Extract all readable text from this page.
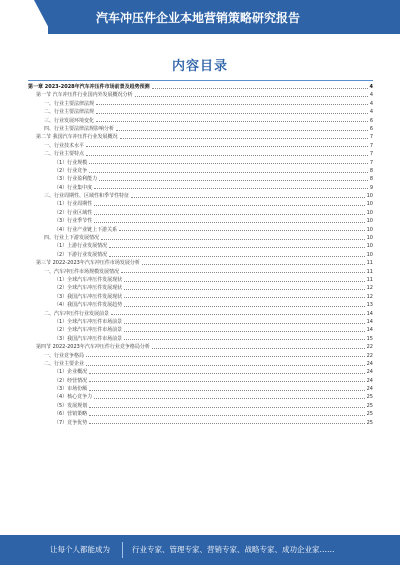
汽车冲压件企业本地营销策略研究报告
内容目录
第一章 2023-2028年汽车冲压件市场前景及趋势预测	4
第一节 汽车冲压件行业国内外发展概况分析	4
一、行业主要法律法规	4
二、行业主要法律法规	4
三、行业发展环境变化	6
四、行业主要法律法规影响分析	6
第二节 我国汽车冲压件行业发展概况	7
一、行业技术水平	7
二、行业主要特点	7
（1）行业规模	7
（2）行业竞争	8
（3）行业盈利能力	8
（4）行业集中度	9
三、行业周期性、区域性和季节性特征	10
（1）行业周期性	10
（2）行业区域性	10
（3）行业季节性	10
（4）行业产业链上下游关系	10
四、行业上下游发展情况	10
（1）上游行业发展情况	10
（2）下游行业发展情况	10
第三节 2022-2023年汽车冲压件市场发展分析	11
一、汽车冲压件市场规模发展情况	11
（1）全球汽车冲压件发展现状	11
（2）全球汽车冲压件发展现状	12
（3）我国汽车冲压件发展现状	12
（4）我国汽车冲压件发展趋势	13
二、汽车冲压件行业发展前景	14
（1）全球汽车冲压件市场前景	14
（2）全球汽车冲压件市场前景	14
（3）我国汽车冲压件市场前景	15
第四节 2022-2023年汽车冲压件行业竞争格局分析	22
一、行业竞争格局	22
二、行业主要企业	24
（1）企业概况	24
（2）经营情况	24
（3）市场份额	24
（4）核心竞争力	25
（5）发展规划	25
（6）营销策略	25
（7）竞争优势	25
让每个人都能成为	行业专家、管理专家、营销专家、战略专家、成功企业家……
